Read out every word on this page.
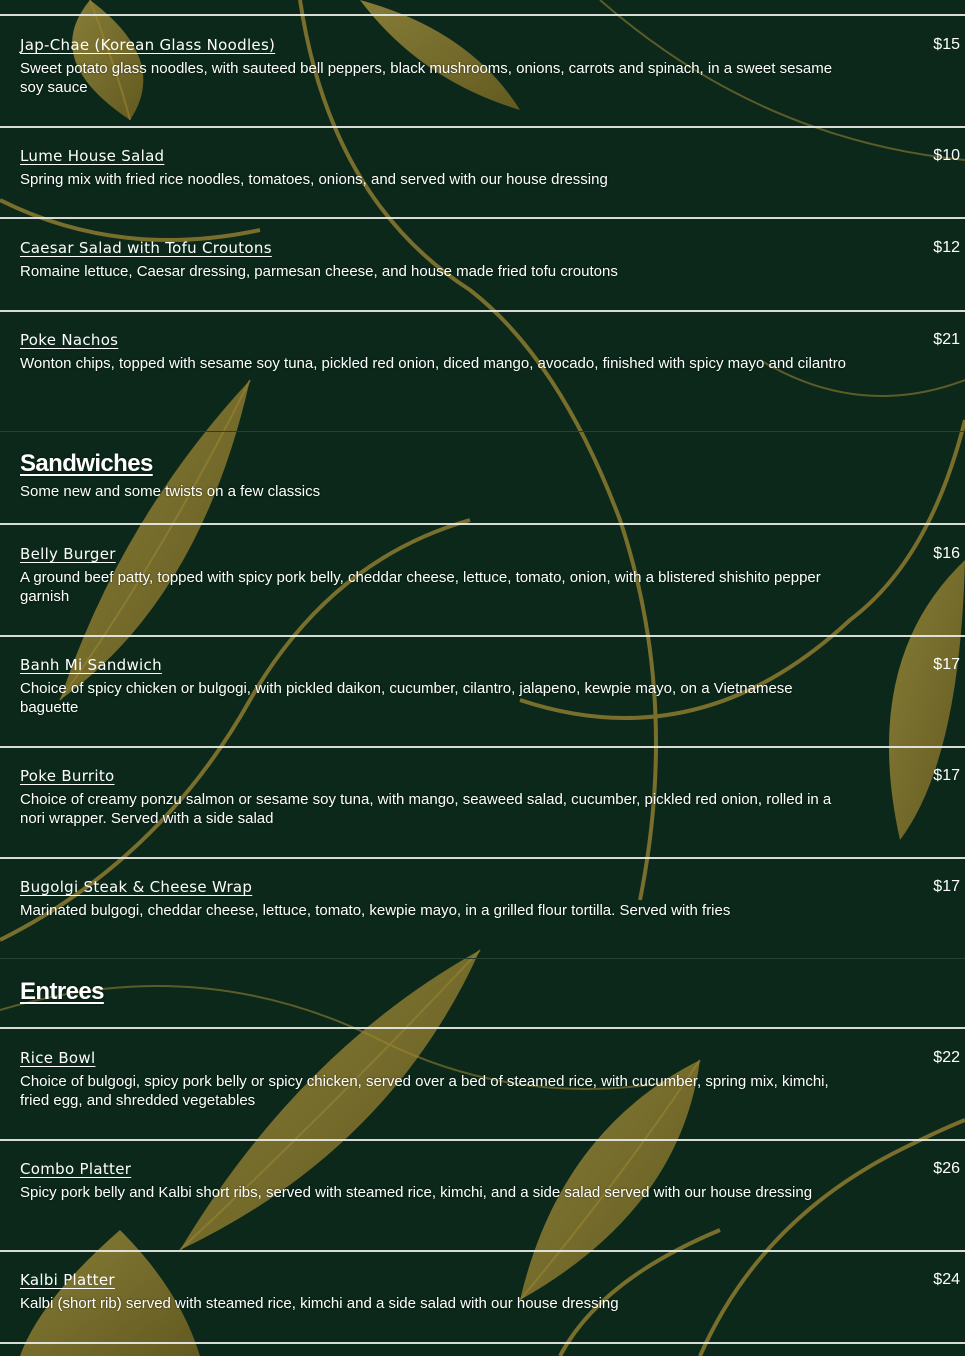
Jap-Chae (Korean Glass Noodles)	$15
Sweet potato glass noodles, with sauteed bell peppers, black mushrooms, onions, carrots and spinach, in a sweet sesame soy sauce
Lume House Salad	$10
Spring mix with fried rice noodles, tomatoes, onions, and served with our house dressing
Caesar Salad with Tofu Croutons	$12
Romaine lettuce, Caesar dressing, parmesan cheese, and house made fried tofu croutons
Poke Nachos	$21
Wonton chips, topped with sesame soy tuna, pickled red onion, diced mango, avocado, finished with spicy mayo and cilantro
Sandwiches
Some new and some twists on a few classics
Belly Burger	$16
A ground beef patty, topped with spicy pork belly, cheddar cheese, lettuce, tomato, onion, with a blistered shishito pepper garnish
Banh Mi Sandwich	$17
Choice of spicy chicken or bulgogi, with pickled daikon, cucumber, cilantro, jalapeno, kewpie mayo, on a Vietnamese baguette
Poke Burrito	$17
Choice of creamy ponzu salmon or sesame soy tuna, with mango, seaweed salad, cucumber, pickled red onion, rolled in a nori wrapper. Served with a side salad
Bugolgi Steak & Cheese Wrap	$17
Marinated bulgogi, cheddar cheese, lettuce, tomato, kewpie mayo, in a grilled flour tortilla. Served with fries
Entrees
Rice Bowl	$22
Choice of bulgogi, spicy pork belly or spicy chicken, served over a bed of steamed rice, with cucumber, spring mix, kimchi, fried egg, and shredded vegetables
Combo Platter	$26
Spicy pork belly and Kalbi short ribs, served with steamed rice, kimchi, and a side salad served with our house dressing
Kalbi Platter	$24
Kalbi (short rib) served with steamed rice, kimchi and a side salad with our house dressing
